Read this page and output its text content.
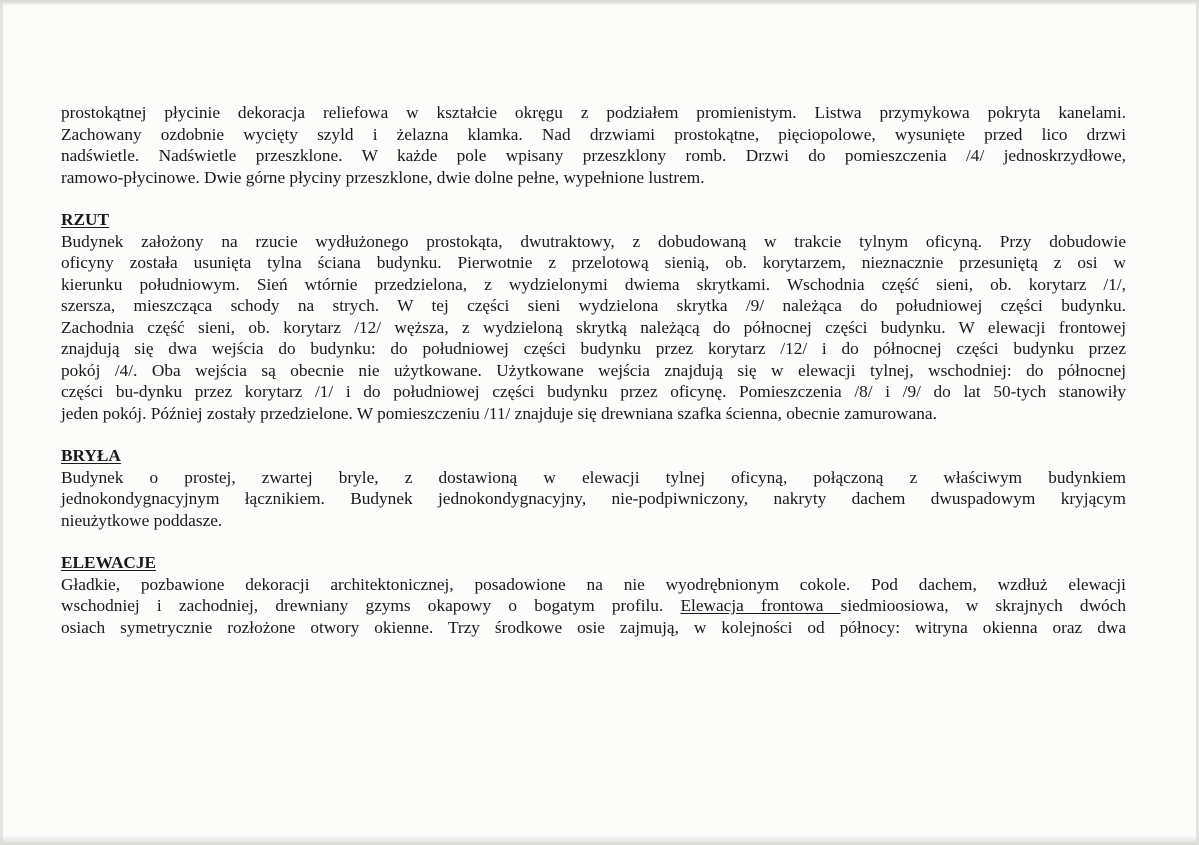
prostokątnej płycinie dekoracja reliefowa w kształcie okręgu z podziałem promienistym. Listwa przymykowa pokryta kanelami.
Zachowany ozdobnie wycięty szyld i żelazna klamka. Nad drzwiami prostokątne, pięciopolowe, wysunięte przed lico drzwi
nadświetle. Nadświetle przeszklone. W każde pole wpisany przeszklony romb. Drzwi do pomieszczenia /4/ jednoskrzydłowe,
ramowo-płycinowe. Dwie górne płyciny przeszklone, dwie dolne pełne, wypełnione lustrem.
RZUT
Budynek założony na rzucie wydłużonego prostokąta, dwutraktowy, z dobudowaną w trakcie tylnym oficyną. Przy dobudowie
oficyny została usunięta tylna ściana budynku. Pierwotnie z przelotową sienią, ob. korytarzem, nieznacznie przesuniętą z osi w
kierunku południowym. Sień wtórnie przedzielona, z wydzielonymi dwiema skrytkami. Wschodnia część sieni, ob. korytarz /1/,
szersza, mieszcząca schody na strych. W tej części sieni wydzielona skrytka /9/ należąca do południowej części budynku.
Zachodnia część sieni, ob. korytarz /12/ węższa, z wydzieloną skrytką należącą do północnej części budynku. W elewacji frontowej
znajdują się dwa wejścia do budynku: do południowej części budynku przez korytarz /12/ i do północnej części budynku przez
pokój /4/. Oba wejścia są obecnie nie użytkowane. Użytkowane wejścia znajdują się w elewacji tylnej, wschodniej: do północnej
części bu-dynku przez korytarz /1/ i do południowej części budynku przez oficynę. Pomieszczenia /8/ i /9/ do lat 50-tych stanowiły
jeden pokój. Później zostały przedzielone. W pomieszczeniu /11/ znajduje się drewniana szafka ścienna, obecnie zamurowana.
BRYŁA
Budynek o prostej, zwartej bryle, z dostawioną w elewacji tylnej oficyną, połączoną z właściwym budynkiem
jednokondygnacyjnym łącznikiem. Budynek jednokondygnacyjny, nie-podpiwniczony, nakryty dachem dwuspadowym kryjącym
nieużytkowe poddasze.
ELEWACJE
Gładkie, pozbawione dekoracji architektonicznej, posadowione na nie wyodrębnionym cokole. Pod dachem, wzdłuż elewacji
wschodniej i zachodniej, drewniany gzyms okapowy o bogatym profilu. Elewacja frontowa siedmioosiowa, w skrajnych dwóch
osiach symetrycznie rozłożone otwory okienne. Trzy środkowe osie zajmują, w kolejności od północy: witryna okienna oraz dwa
